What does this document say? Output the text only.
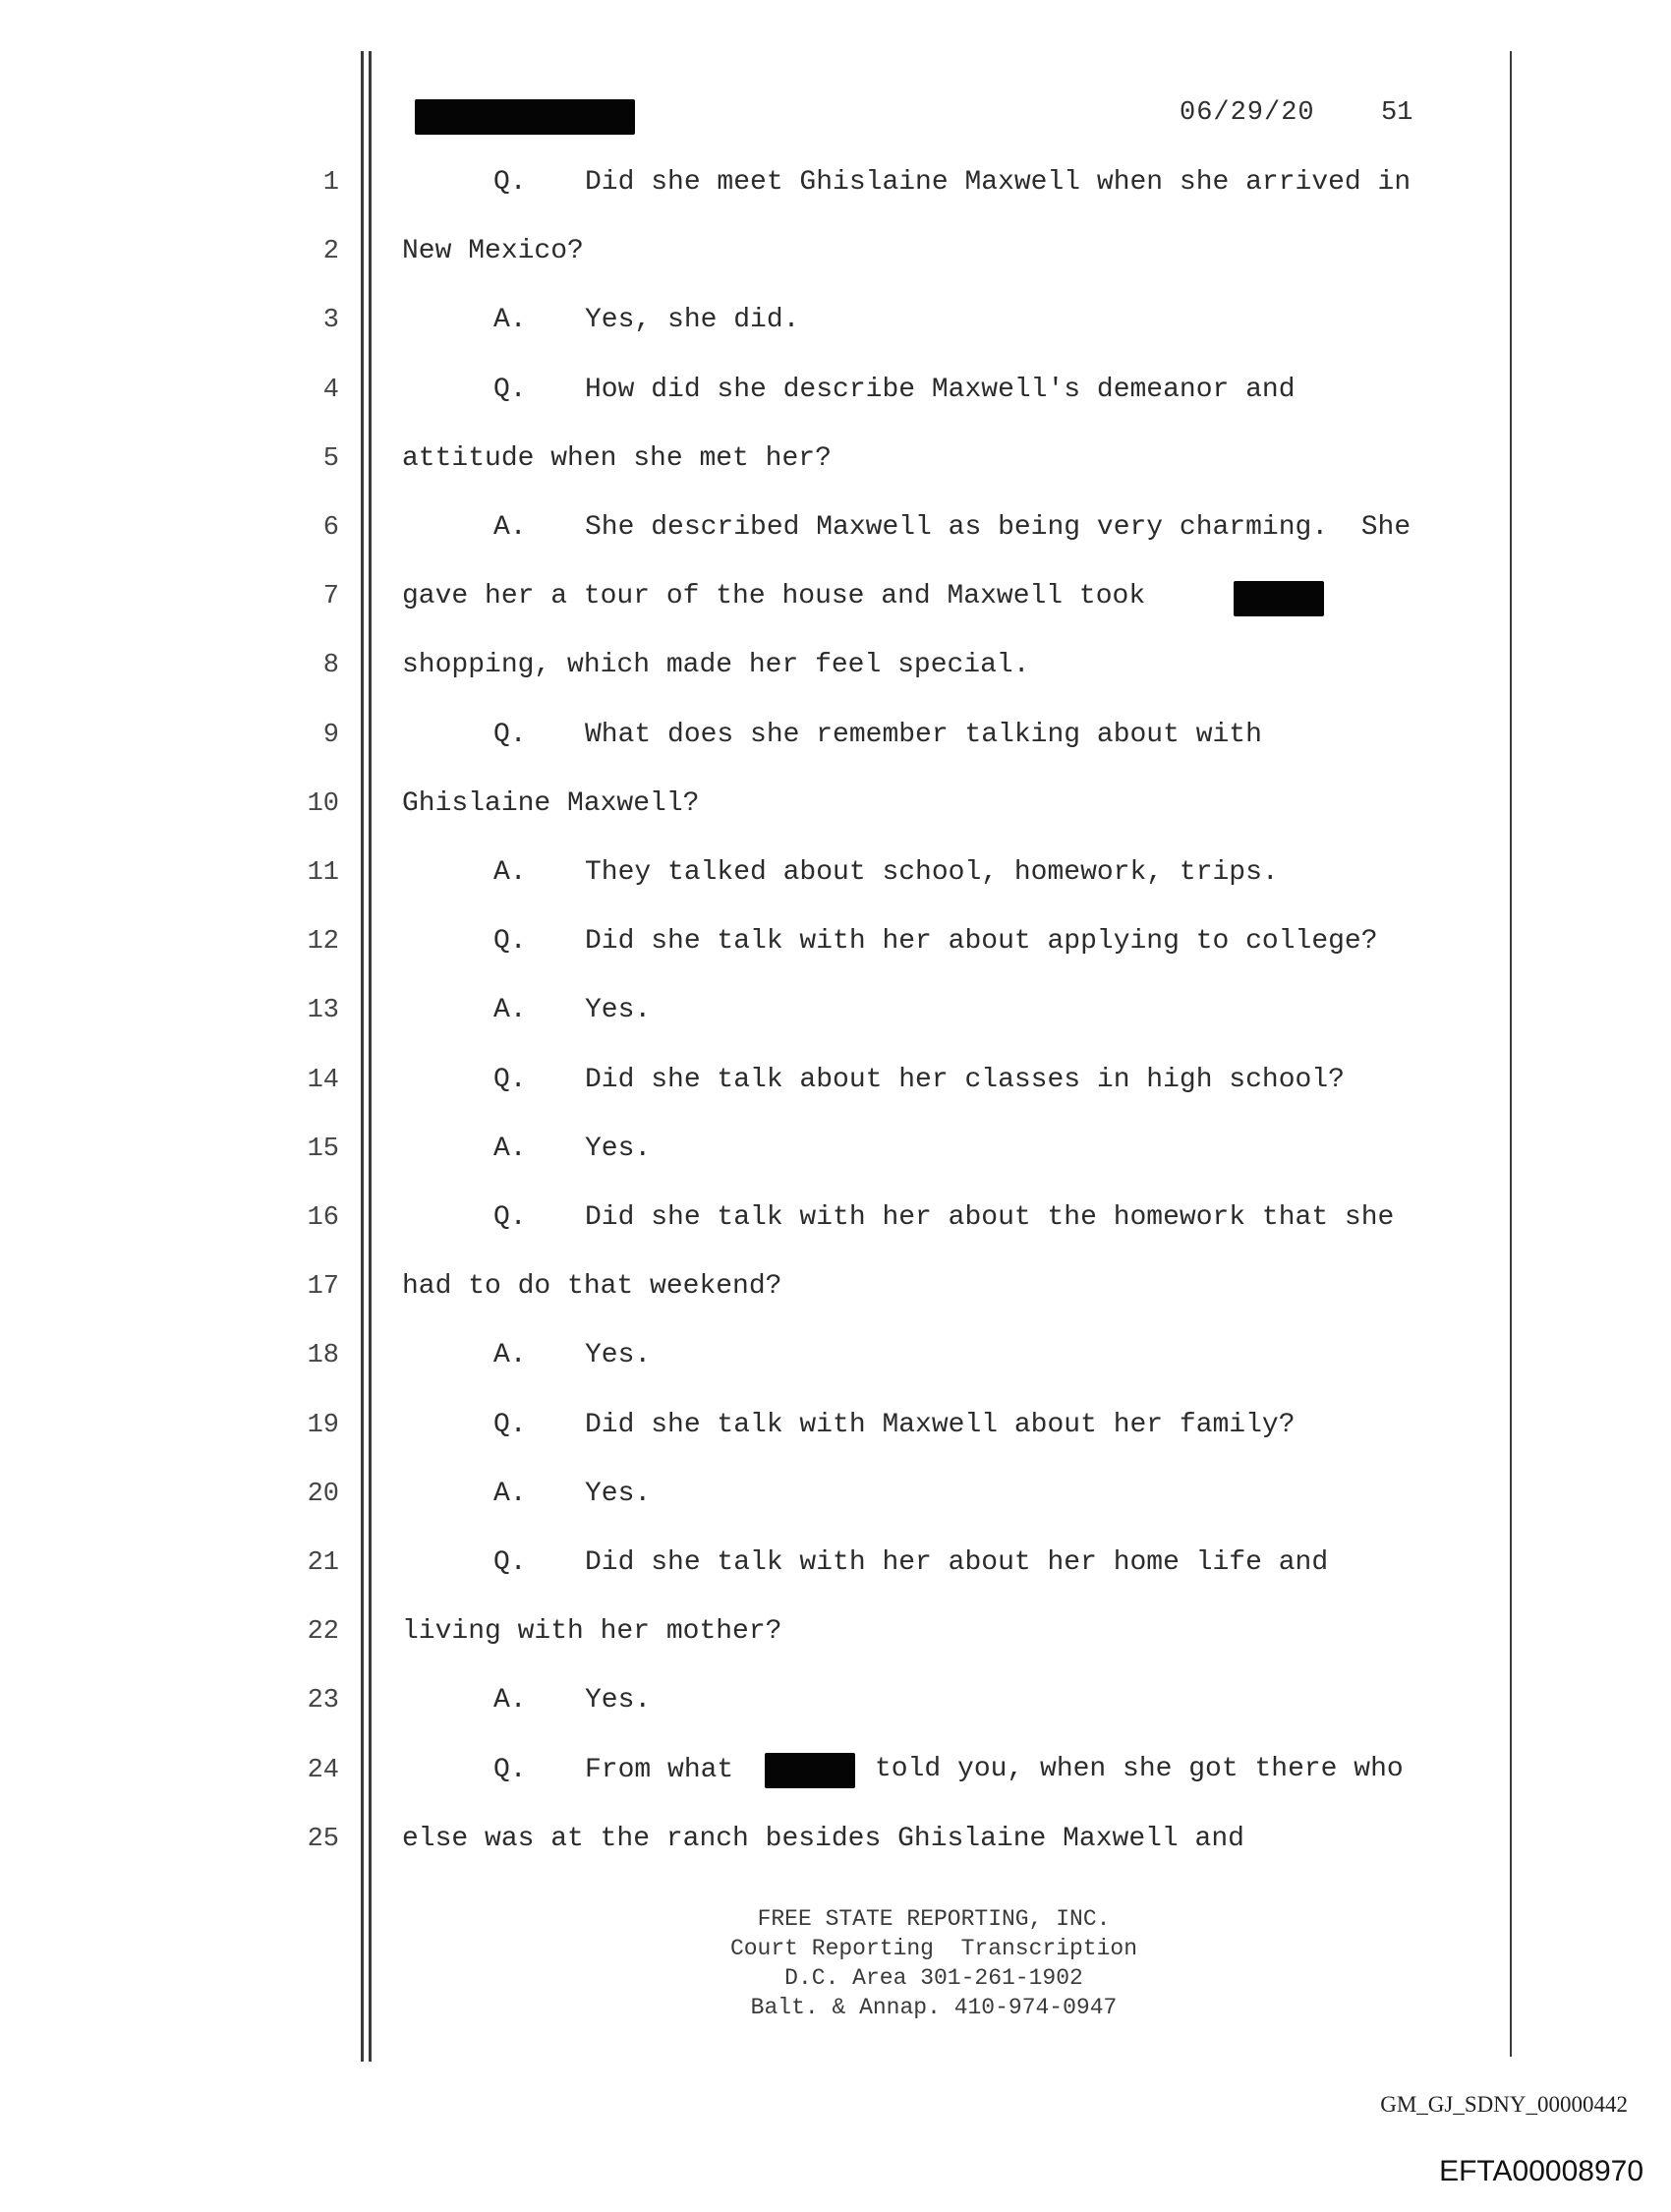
06/29/20 51
1	Q. Did she meet Ghislaine Maxwell when she arrived in
2 New Mexico?
3	A. Yes, she did.
4	Q. How did she describe Maxwell's demeanor and
5 attitude when she met her?
6	A. She described Maxwell as being very charming.  She
7 gave her a tour of the house and Maxwell took
8 shopping, which made her feel special.
9	Q. What does she remember talking about with
10 Ghislaine Maxwell?
11	A. They talked about school, homework, trips.
12	Q. Did she talk with her about applying to college?
13	A. Yes.
14	Q. Did she talk about her classes in high school?
15	A. Yes.
16	Q. Did she talk with her about the homework that she
17 had to do that weekend?
18	A. Yes.
19	Q. Did she talk with Maxwell about her family?
20	A. Yes.
21	Q. Did she talk with her about her home life and
22 living with her mother?
23	A. Yes.
24	Q. From what
25 else was at the ranch besides Ghislaine Maxwell and
told you, when she got there who
FREE STATE REPORTING, INC.
Court Reporting  Transcription
D.C. Area 301-261-1902
Balt. & Annap. 410-974-0947
GM_GJ_SDNY_00000442
EFTA00008970
